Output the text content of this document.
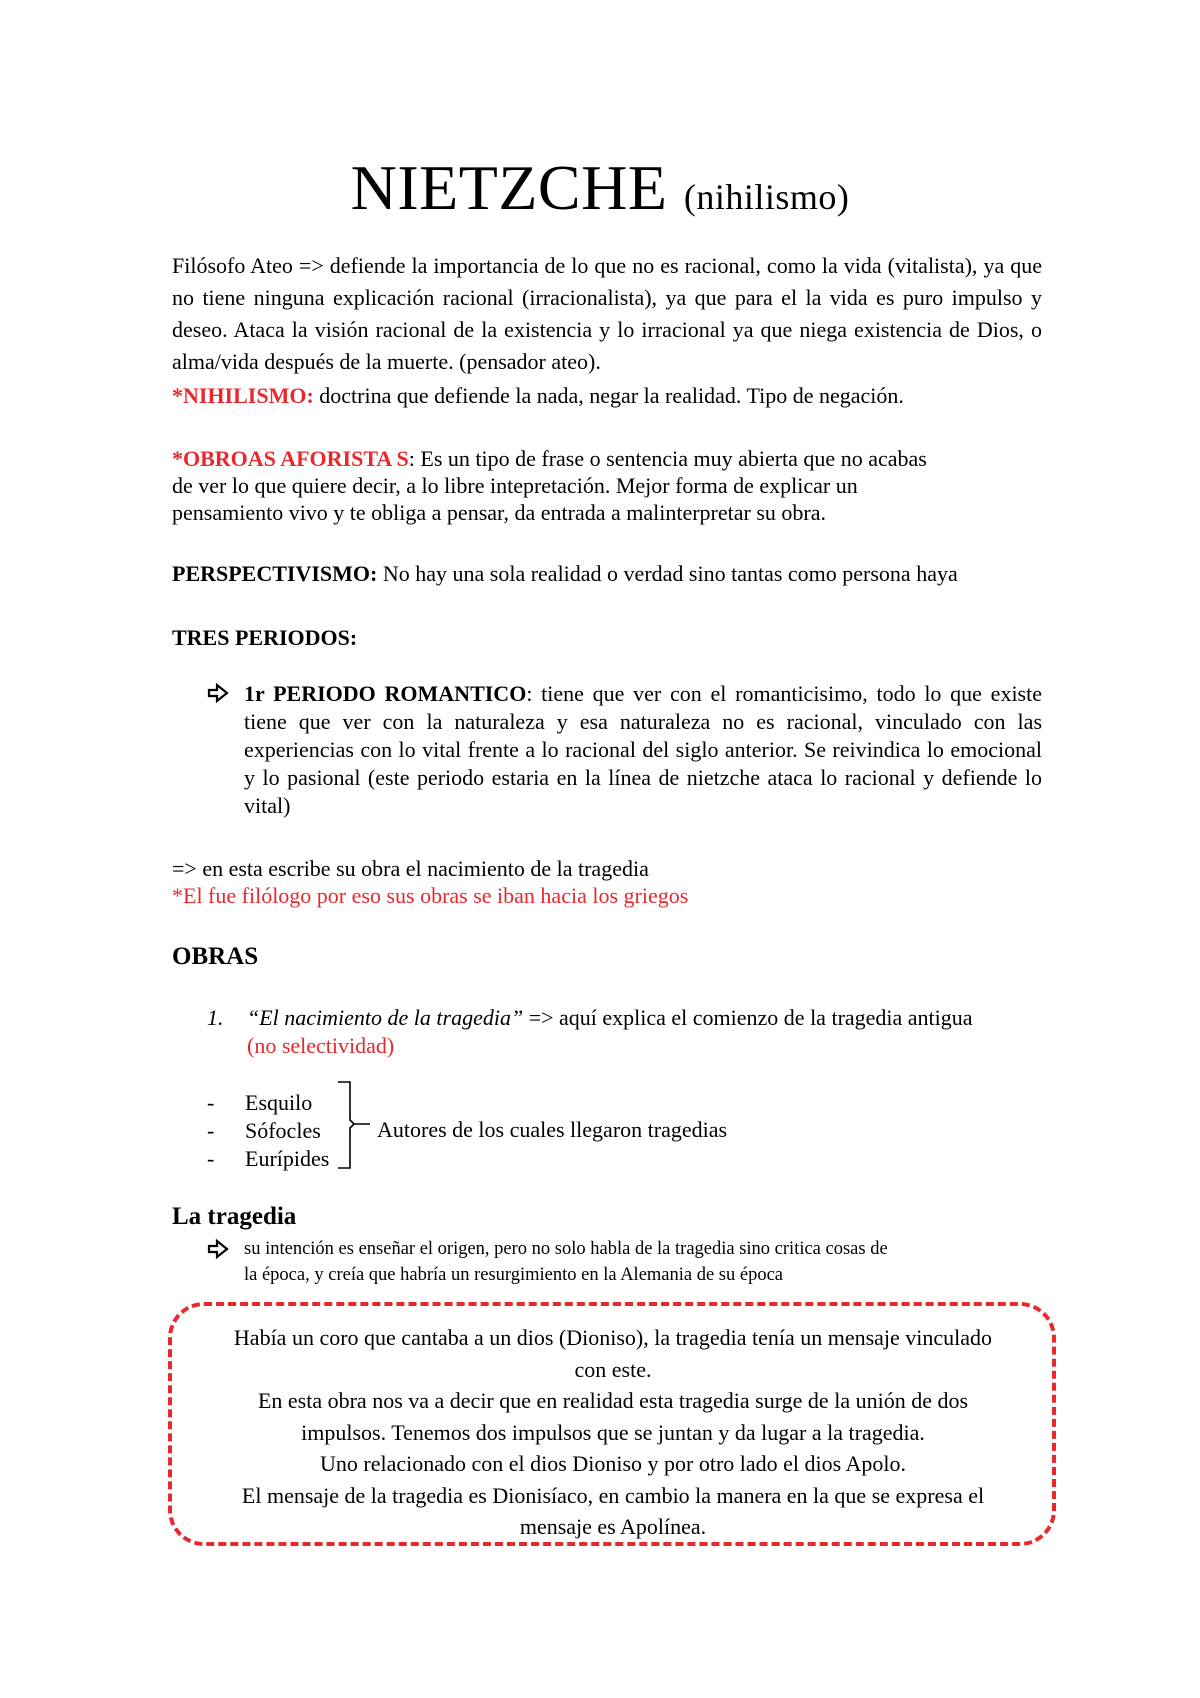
NIETZCHE (nihilismo)
Filósofo Ateo => defiende la importancia de lo que no es racional, como la vida (vitalista), ya que no tiene ninguna explicación racional (irracionalista), ya que para el la vida es puro impulso y deseo. Ataca la visión racional de la existencia y lo irracional ya que niega existencia de Dios, o alma/vida después de la muerte. (pensador ateo).
*NIHILISMO: doctrina que defiende la nada, negar la realidad. Tipo de negación.
*OBROAS AFORISTA S: Es un tipo de frase o sentencia muy abierta que no acabas
de ver lo que quiere decir, a lo libre intepretación. Mejor forma de explicar un
pensamiento vivo y te obliga a pensar, da entrada a malinterpretar su obra.
PERSPECTIVISMO: No hay una sola realidad o verdad sino tantas como persona haya
TRES PERIODOS:
1r PERIODO ROMANTICO: tiene que ver con el romanticisimo, todo lo que existe tiene que ver con la naturaleza y esa naturaleza no es racional, vinculado con las experiencias con lo vital frente a lo racional del siglo anterior. Se reivindica lo emocional y lo pasional (este periodo estaria en la línea de nietzche ataca lo racional y defiende lo vital)
=> en esta escribe su obra el nacimiento de la tragedia
*El fue filólogo por eso sus obras se iban hacia los griegos
OBRAS
1. “El nacimiento de la tragedia” => aquí explica el comienzo de la tragedia antigua
(no selectividad)
- Esquilo
- Sófocles
- Eurípides
Autores de los cuales llegaron tragedias
La tragedia
su intención es enseñar el origen, pero no solo habla de la tragedia sino critica cosas de
la época, y creía que habría un resurgimiento en la Alemania de su época
Había un coro que cantaba a un dios (Dioniso), la tragedia tenía un mensaje vinculado
con este.
En esta obra nos va a decir que en realidad esta tragedia surge de la unión de dos
impulsos. Tenemos dos impulsos que se juntan y da lugar a la tragedia.
Uno relacionado con el dios Dioniso y por otro lado el dios Apolo.
El mensaje de la tragedia es Dionisíaco, en cambio la manera en la que se expresa el
mensaje es Apolínea.
